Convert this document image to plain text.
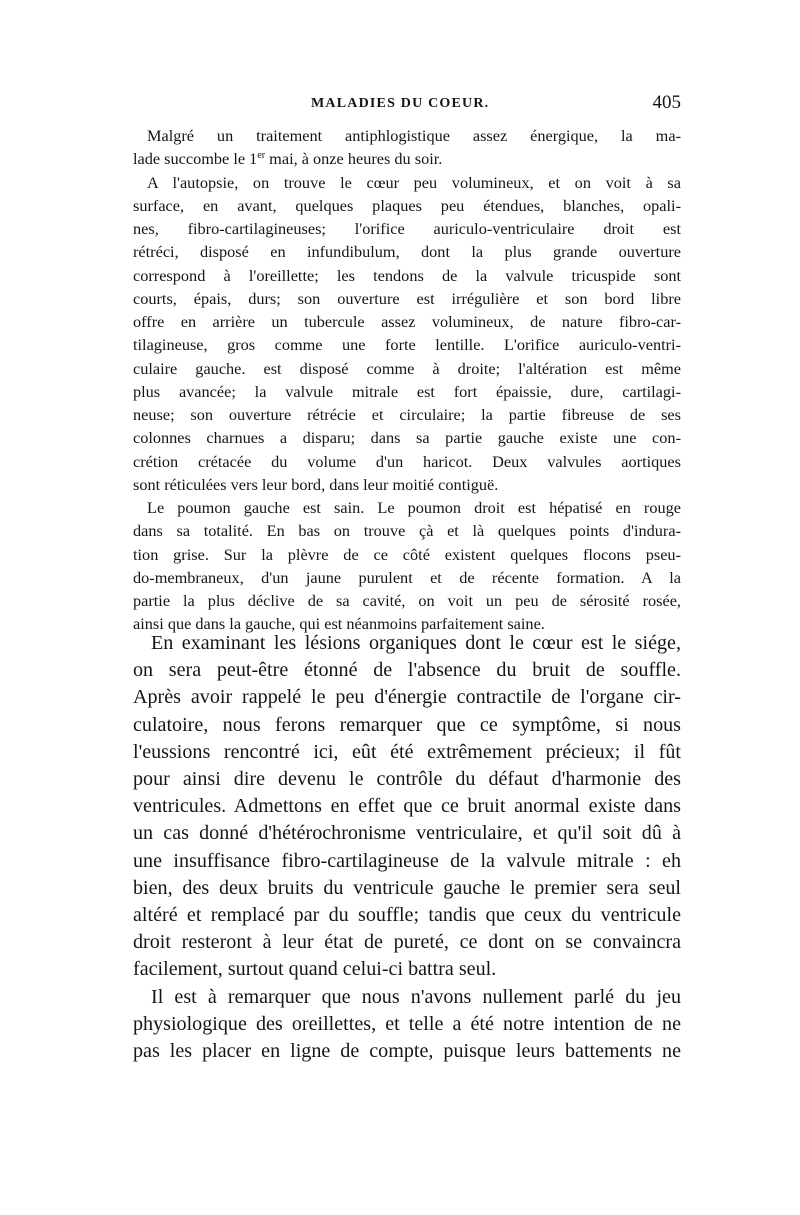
MALADIES DU COEUR.	405

Malgré un traitement antiphlogistique assez énergique, la ma-

lade succombe le 1er mai, à onze heures du soir.

A l'autopsie, on trouve le cœur peu volumineux, et on voit à sa

surface, en avant, quelques plaques peu étendues, blanches, opali-

nes, fibro-cartilagineuses; l'orifice auriculo-ventriculaire droit est

rétréci, disposé en infundibulum, dont la plus grande ouverture

correspond à l'oreillette; les tendons de la valvule tricuspide sont

courts, épais, durs; son ouverture est irrégulière et son bord libre

offre en arrière un tubercule assez volumineux, de nature fibro-car-

tilagineuse, gros comme une forte lentille. L'orifice auriculo-ventri-

culaire gauche. est disposé comme à droite; l'altération est même

plus avancée; la valvule mitrale est fort épaissie, dure, cartilagi-

neuse; son ouverture rétrécie et circulaire; la partie fibreuse de ses

colonnes charnues a disparu; dans sa partie gauche existe une con-

crétion crétacée du volume d'un haricot. Deux valvules aortiques

sont réticulées vers leur bord, dans leur moitié contiguë.

Le poumon gauche est sain. Le poumon droit est hépatisé en rouge

dans sa totalité. En bas on trouve çà et là quelques points d'indura-

tion grise. Sur la plèvre de ce côté existent quelques flocons pseu-

do-membraneux, d'un jaune purulent et de récente formation. A la

partie la plus déclive de sa cavité, on voit un peu de sérosité rosée,

ainsi que dans la gauche, qui est néanmoins parfaitement saine.

En examinant les lésions organiques dont le cœur est le siége,

on sera peut-être étonné de l'absence du bruit de souffle.

Après avoir rappelé le peu d'énergie contractile de l'organe cir-

culatoire, nous ferons remarquer que ce symptôme, si nous

l'eussions rencontré ici, eût été extrêmement précieux; il fût

pour ainsi dire devenu le contrôle du défaut d'harmonie des

ventricules. Admettons en effet que ce bruit anormal existe dans

un cas donné d'hétérochronisme ventriculaire, et qu'il soit dû à

une insuffisance fibro-cartilagineuse de la valvule mitrale : eh

bien, des deux bruits du ventricule gauche le premier sera seul

altéré et remplacé par du souffle; tandis que ceux du ventricule

droit resteront à leur état de pureté, ce dont on se convaincra

facilement, surtout quand celui-ci battra seul.

Il est à remarquer que nous n'avons nullement parlé du jeu

physiologique des oreillettes, et telle a été notre intention de ne

pas les placer en ligne de compte, puisque leurs battements ne
